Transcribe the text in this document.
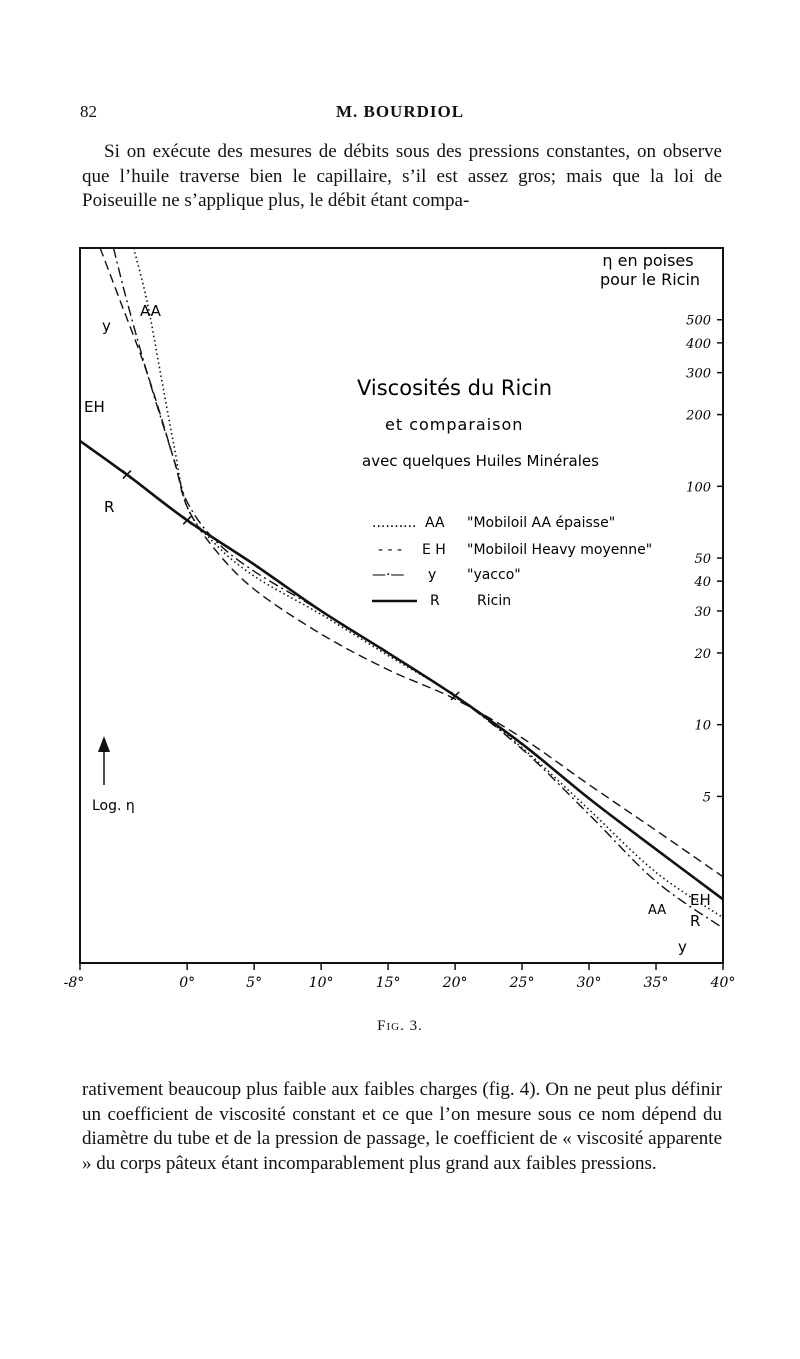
82	M. BOURDIOL
Si on exécute des mesures de débits sous des pressions constantes, on observe que l’huile traverse bien le capillaire, s’il est assez gros; mais que la loi de Poiseuille ne s’applique plus, le débit étant compa-
-8°	0°	5°	10°	15°	20°	25°	30°	35°	40°
500
400
300
200
100
50
40
30
20
10
5
η en poises
pour le Ricin
Viscosités du Ricin
et comparaison
avec quelques Huiles Minérales
.......... AA "Mobiloil AA épaisse"
- - - E H "Mobiloil Heavy moyenne"
—·— y "yacco"
R	Ricin
AA
y
EH
R
EH
R
AA
y
Log. η
Fig. 3.
rativement beaucoup plus faible aux faibles charges (fig. 4). On ne peut plus définir un coefficient de viscosité constant et ce que l’on mesure sous ce nom dépend du diamètre du tube et de la pression de passage, le coefficient de « viscosité apparente » du corps pâteux étant incomparablement plus grand aux faibles pressions.
